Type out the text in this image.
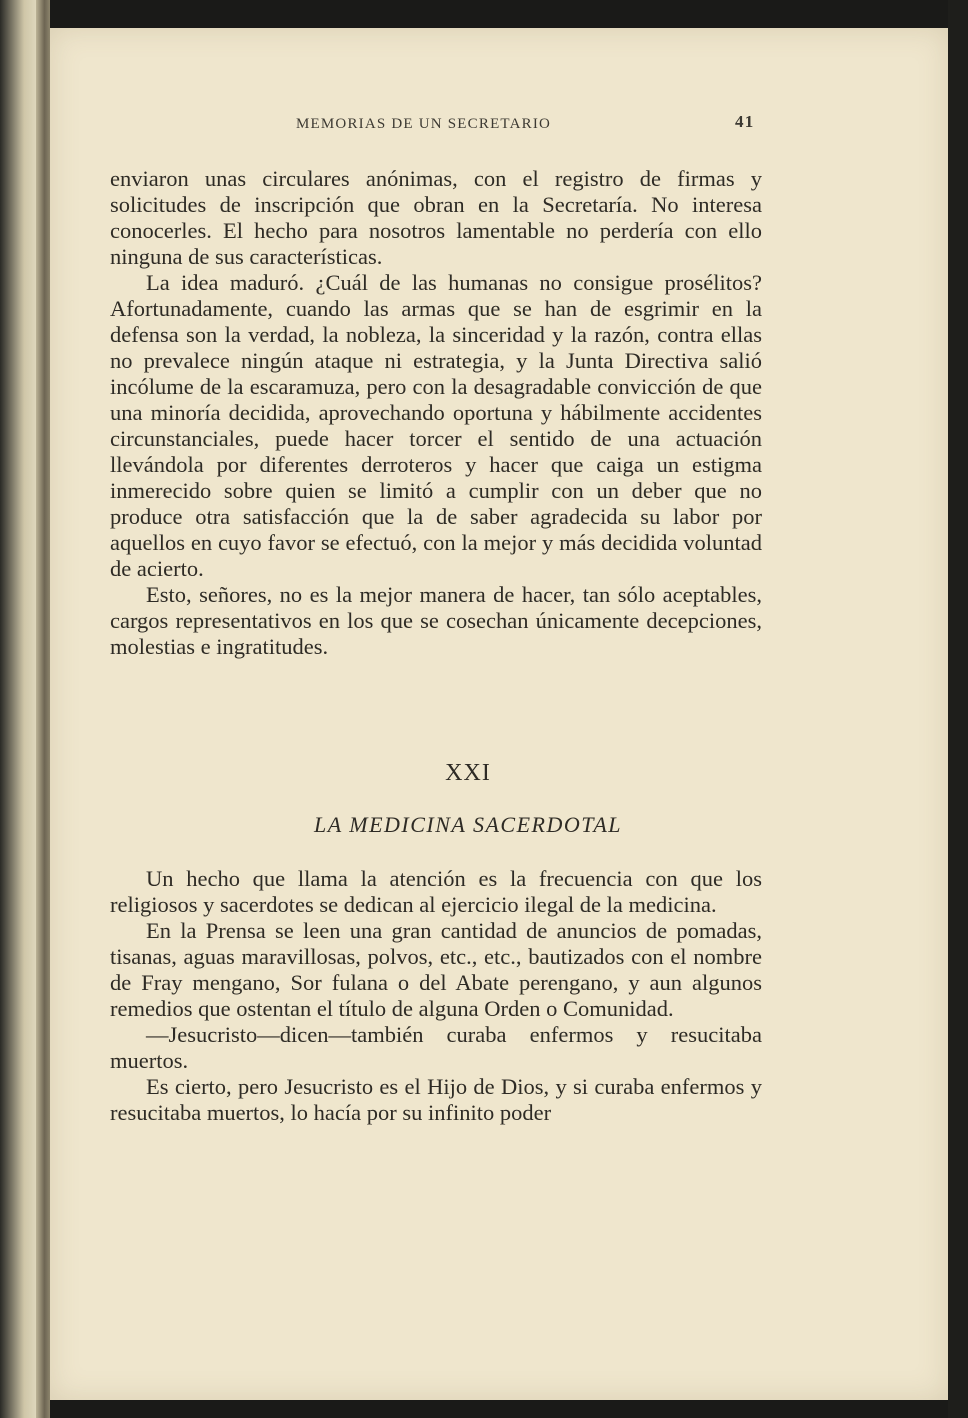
MEMORIAS DE UN SECRETARIO	41

enviaron unas circulares anónimas, con el registro de firmas y solicitudes de inscripción que obran en la Secretaría. No interesa conocerles. El hecho para nosotros lamentable no perdería con ello ninguna de sus características.

La idea maduró. ¿Cuál de las humanas no consigue prosélitos? Afortunadamente, cuando las armas que se han de esgrimir en la defensa son la verdad, la nobleza, la sinceridad y la razón, contra ellas no prevalece ningún ataque ni estrategia, y la Junta Directiva salió incólume de la escaramuza, pero con la desagradable convicción de que una minoría decidida, aprovechando oportuna y hábilmente accidentes circunstanciales, puede hacer torcer el sentido de una actuación llevándola por diferentes derroteros y hacer que caiga un estigma inmerecido sobre quien se limitó a cumplir con un deber que no produce otra satisfacción que la de saber agradecida su labor por aquellos en cuyo favor se efectuó, con la mejor y más decidida voluntad de acierto.

Esto, señores, no es la mejor manera de hacer, tan sólo aceptables, cargos representativos en los que se cosechan únicamente decepciones, molestias e ingratitudes.

XXI
LA MEDICINA SACERDOTAL

Un hecho que llama la atención es la frecuencia con que los religiosos y sacerdotes se dedican al ejercicio ilegal de la medicina.

En la Prensa se leen una gran cantidad de anuncios de pomadas, tisanas, aguas maravillosas, polvos, etc., etc., bautizados con el nombre de Fray mengano, Sor fulana o del Abate perengano, y aun algunos remedios que ostentan el título de alguna Orden o Comunidad.

—Jesucristo—dicen—también curaba enfermos y resucitaba muertos.

Es cierto, pero Jesucristo es el Hijo de Dios, y si curaba enfermos y resucitaba muertos, lo hacía por su infinito poder
